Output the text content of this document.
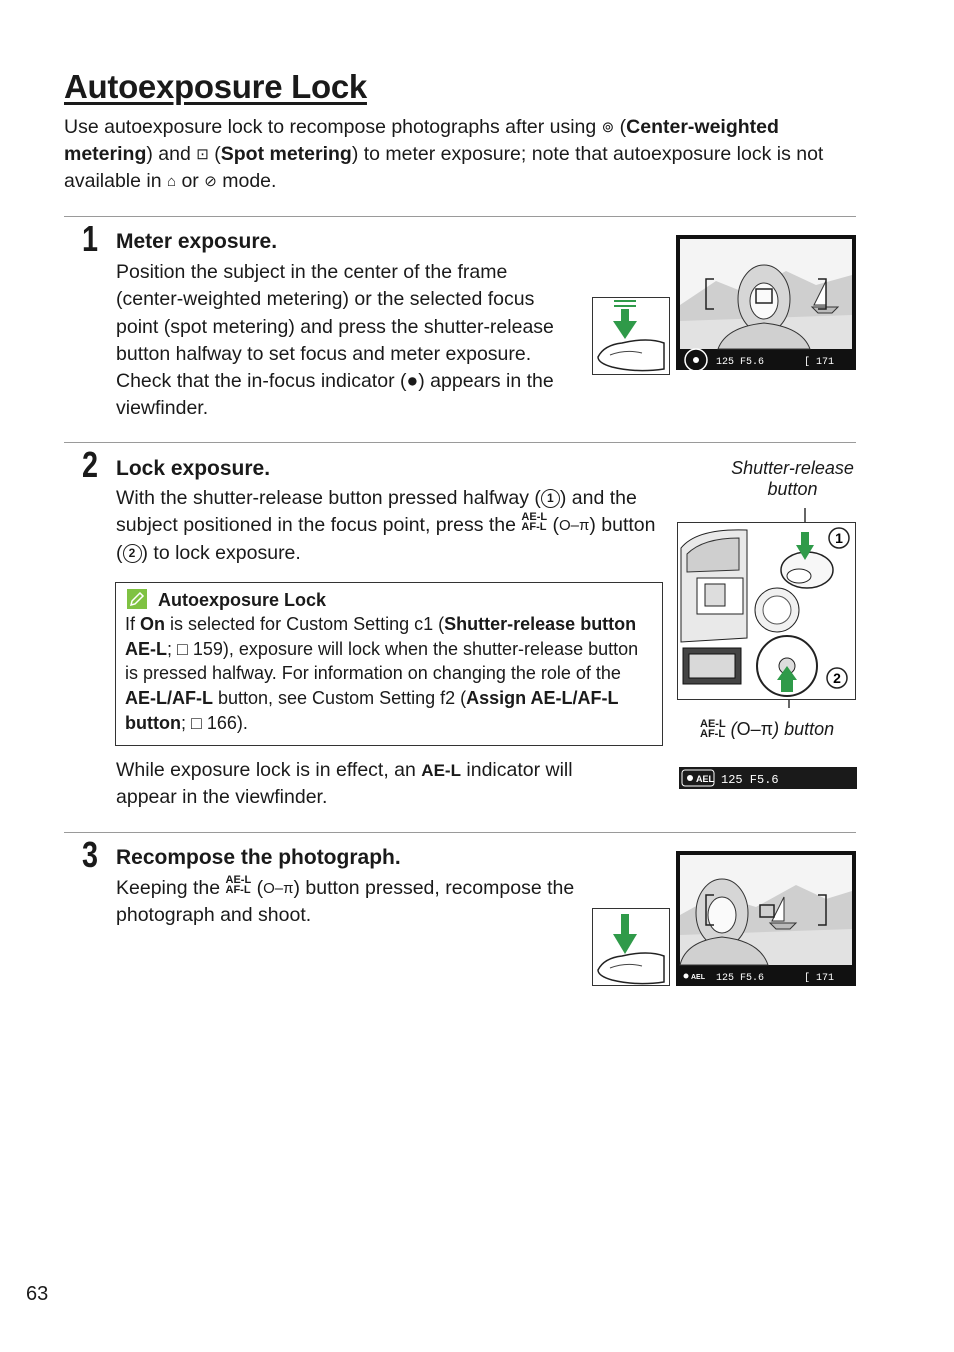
Autoexposure Lock
Use autoexposure lock to recompose photographs after using ⊚ (Center-weighted metering) and ⊡ (Spot metering) to meter exposure; note that autoexposure lock is not available in ⌂ or ⊘ mode.
1 Meter exposure.
Position the subject in the center of the frame (center-weighted metering) or the selected focus point (spot metering) and press the shutter-release button halfway to set focus and meter exposure. Check that the in-focus indicator (●) appears in the viewfinder.
125 F5.6	[ 171
2 Lock exposure.
With the shutter-release button pressed halfway ( 1 ) and the subject positioned in the focus point, press the AE-L
AF-L (O‒π) button ( 2 ) to lock exposure.
Autoexposure Lock
If On is selected for Custom Setting c1 (Shutter-release button AE-L; □ 159), exposure will lock when the shutter-release button is pressed halfway. For information on changing the role of the AE-L/AF-L button, see Custom Setting f2 (Assign AE-L/AF-L button; □ 166).
While exposure lock is in effect, an AE-L indicator will appear in the viewfinder.
Shutter-release button
1
2
AE-L
AF-L (O‒π) button
AEL 125 F5.6
3 Recompose the photograph.
Keeping the AE-L
AF-L (O‒π) button pressed, recompose the photograph and shoot.
AEL 125 F5.6	[ 171
63
